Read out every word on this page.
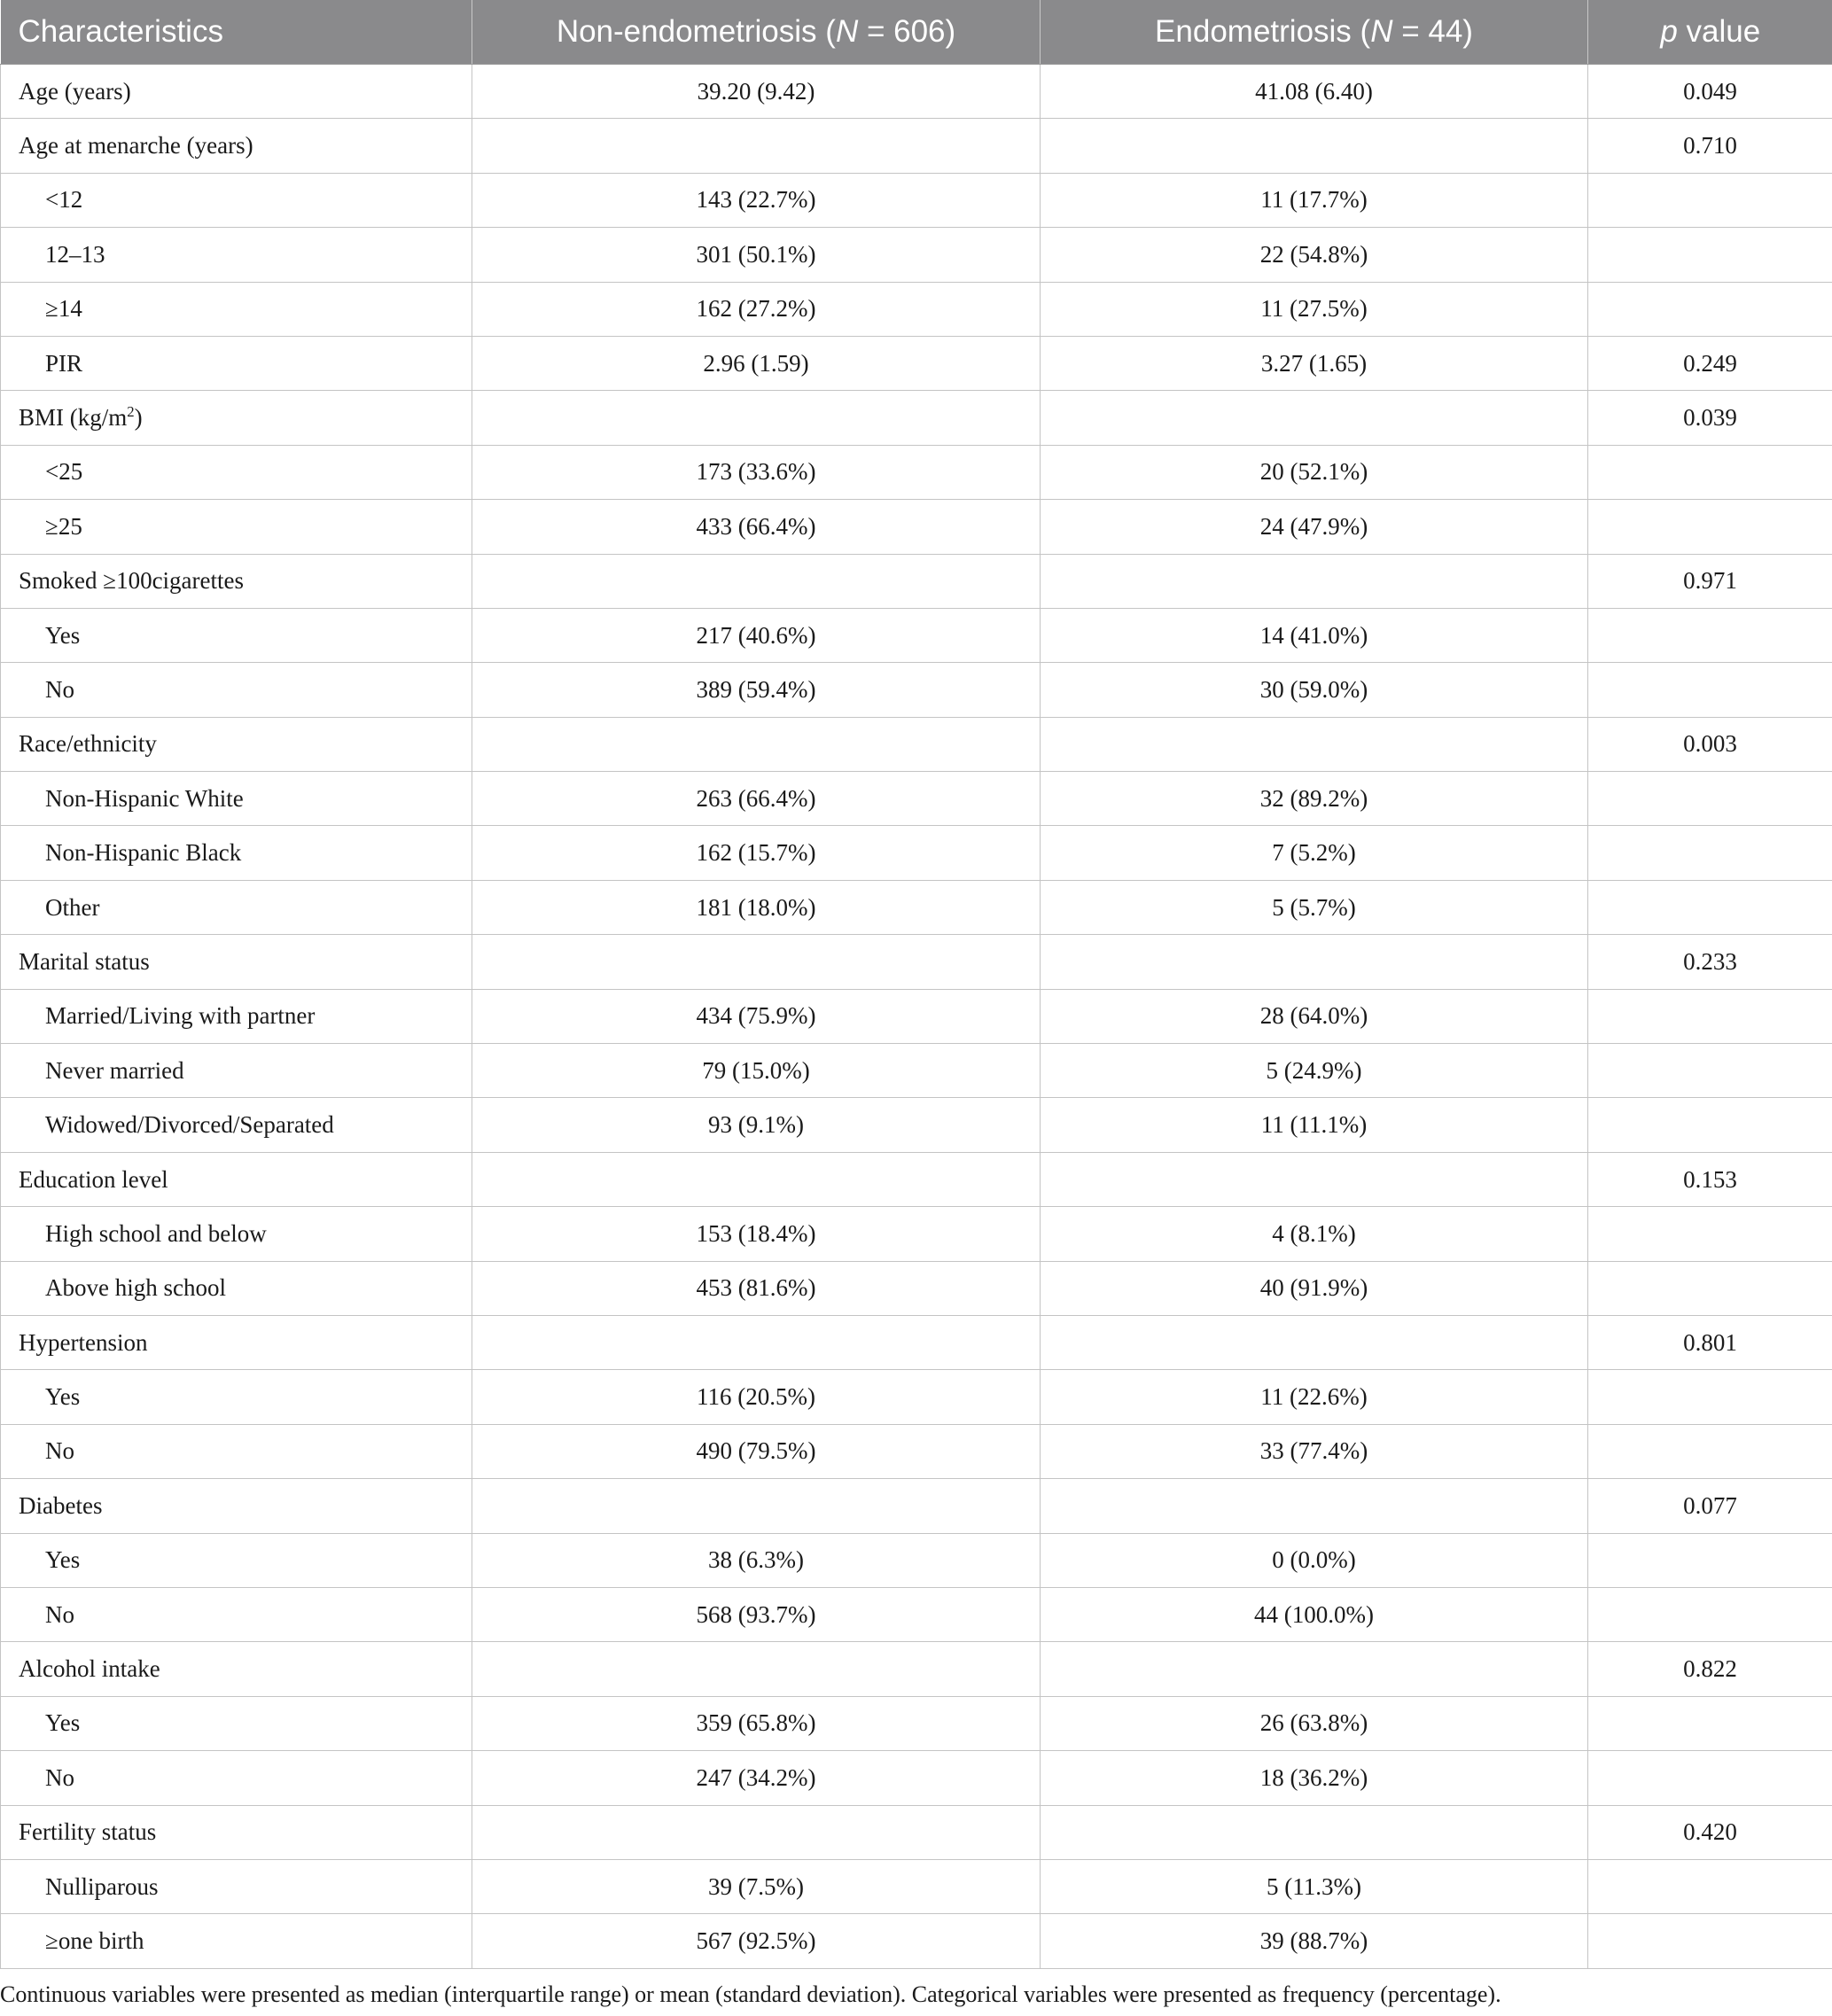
Characteristics	Non-endometriosis (N = 606)	Endometriosis (N = 44)	p value
Age (years)	39.20 (9.42)	41.08 (6.40)	0.049
Age at menarche (years)			0.710
<12	143 (22.7%)	11 (17.7%)	
12–13	301 (50.1%)	22 (54.8%)	
≥14	162 (27.2%)	11 (27.5%)	
PIR	2.96 (1.59)	3.27 (1.65)	0.249
BMI $(kg/m^2)$			0.039
<25	173 (33.6%)	20 (52.1%)	
≥25	433 (66.4%)	24 (47.9%)	
Smoked ≥100cigarettes			0.971
Yes	217 (40.6%)	14 (41.0%)	
No	389 (59.4%)	30 (59.0%)	
Race/ethnicity			0.003
Non-Hispanic White	263 (66.4%)	32 (89.2%)	
Non-Hispanic Black	162 (15.7%)	7 (5.2%)	
Other	181 (18.0%)	5 (5.7%)	
Marital status			0.233
Married/Living with partner	434 (75.9%)	28 (64.0%)	
Never married	79 (15.0%)	5 (24.9%)	
Widowed/Divorced/Separated	93 (9.1%)	11 (11.1%)	
Education level			0.153
High school and below	153 (18.4%)	4 (8.1%)	
Above high school	453 (81.6%)	40 (91.9%)	
Hypertension			0.801
Yes	116 (20.5%)	11 (22.6%)	
No	490 (79.5%)	33 (77.4%)	
Diabetes			0.077
Yes	38 (6.3%)	0 (0.0%)	
No	568 (93.7%)	44 (100.0%)	
Alcohol intake			0.822
Yes	359 (65.8%)	26 (63.8%)	
No	247 (34.2%)	18 (36.2%)	
Fertility status			0.420
Nulliparous	39 (7.5%)	5 (11.3%)	
≥one birth	567 (92.5%)	39 (88.7%)	
Continuous variables were presented as median (interquartile range) or mean (standard deviation). Categorical variables were presented as frequency (percentage).
